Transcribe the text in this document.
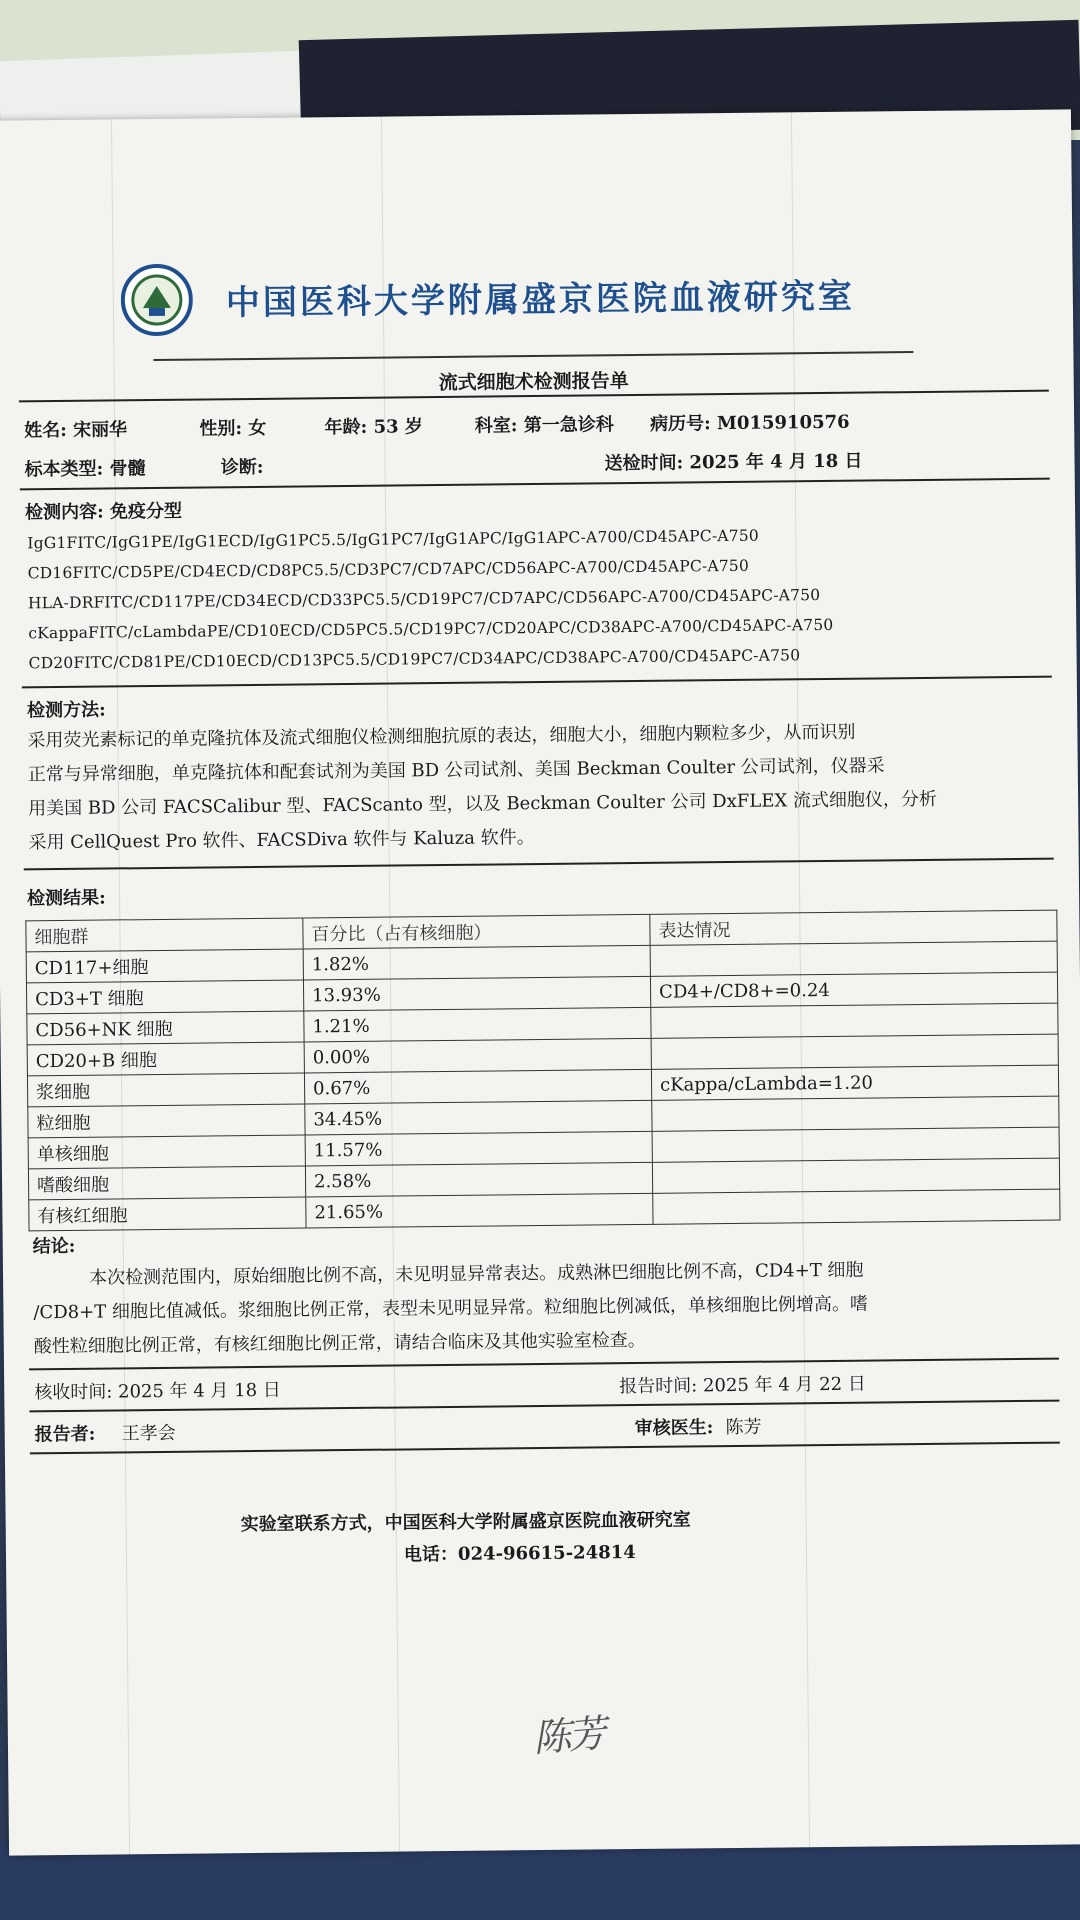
中国医科大学附属盛京医院血液研究室
流式细胞术检测报告单
姓名: 宋丽华	性别: 女	年龄: 53 岁	科室: 第一急诊科 病历号: M015910576
标本类型: 骨髓	诊断:	送检时间: 2025 年 4 月 18 日
检测内容: 免疫分型
IgG1FITC/IgG1PE/IgG1ECD/IgG1PC5.5/IgG1PC7/IgG1APC/IgG1APC-A700/CD45APC-A750
CD16FITC/CD5PE/CD4ECD/CD8PC5.5/CD3PC7/CD7APC/CD56APC-A700/CD45APC-A750
HLA-DRFITC/CD117PE/CD34ECD/CD33PC5.5/CD19PC7/CD7APC/CD56APC-A700/CD45APC-A750
cKappaFITC/cLambdaPE/CD10ECD/CD5PC5.5/CD19PC7/CD20APC/CD38APC-A700/CD45APC-A750
CD20FITC/CD81PE/CD10ECD/CD13PC5.5/CD19PC7/CD34APC/CD38APC-A700/CD45APC-A750
检测方法:
采用荧光素标记的单克隆抗体及流式细胞仪检测细胞抗原的表达，细胞大小，细胞内颗粒多少，从而识别
正常与异常细胞，单克隆抗体和配套试剂为美国 BD 公司试剂、美国 Beckman Coulter 公司试剂，仪器采
用美国 BD 公司 FACSCalibur 型、FACScanto 型，以及 Beckman Coulter 公司 DxFLEX 流式细胞仪，分析
采用 CellQuest Pro 软件、FACSDiva 软件与 Kaluza 软件。
检测结果:
细胞群	百分比（占有核细胞）	表达情况
CD117+细胞	1.82%	
CD3+T 细胞	13.93%	CD4+/CD8+=0.24
CD56+NK 细胞	1.21%	
CD20+B 细胞	0.00%	
浆细胞	0.67%	cKappa/cLambda=1.20
粒细胞	34.45%	
单核细胞	11.57%	
嗜酸细胞	2.58%	
有核红细胞	21.65%	
结论:
本次检测范围内，原始细胞比例不高，未见明显异常表达。成熟淋巴细胞比例不高，CD4+T 细胞
/CD8+T 细胞比值减低。浆细胞比例正常，表型未见明显异常。粒细胞比例减低，单核细胞比例增高。嗜
酸性粒细胞比例正常，有核红细胞比例正常，请结合临床及其他实验室检查。
核收时间: 2025 年 4 月 18 日	报告时间: 2025 年 4 月 22 日
报告者: 王孝会	审核医生: 陈芳
实验室联系方式，中国医科大学附属盛京医院血液研究室
电话：024-96615-24814
陈芳
